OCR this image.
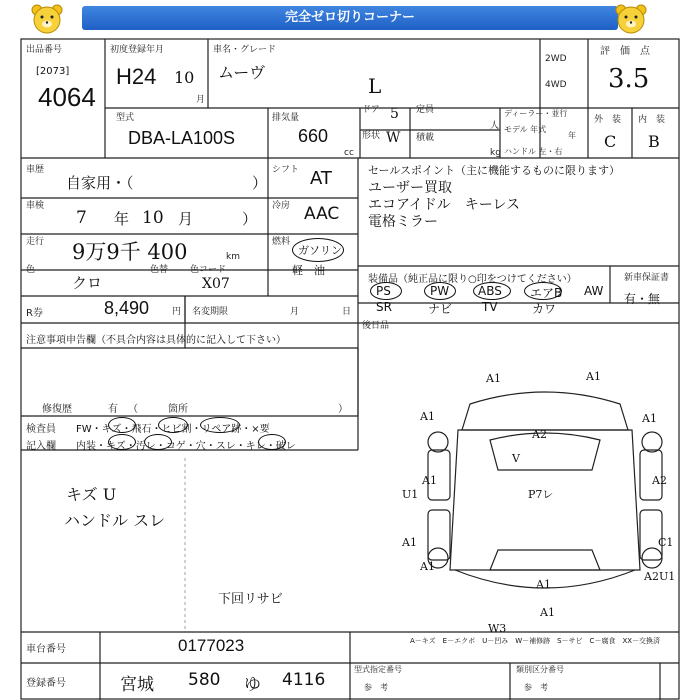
完全ゼロ切りコーナー
出品番号
[2073]
4064
初度登録年月
H24 10
月
車名・グレード
ムーヴ
L
2WD
4WD
評　価　点
3.5
外　装 内　装
C B
型式
DBA-LA100S
排気量
660
cc
ドア 5
形状 W
定員
人
積載
kg
ディーラー・並行
モデル 年式
年
ハンドル 左・右
車歴
自家用・（	）
車検
7 年 10 月	）
走行 9万9千 400	km
色
クロ
色替 色コード
X07
R券	8,490	円 名変期限	月	日
シフト AT
冷房 AAC
燃料
ガソリン
軽　油
セールスポイント（主に機能するものに限ります）
ユーザー買取
エコアイドル　キーレス
電格ミラー
装備品（純正品に限り○印をつけてください）	新車保証書
有・無
PS	PW ABS エアB AW
SR	ナビ TV	カワ
後日品
注意事項申告欄（不具合内容は具体的に記入して下さい）
修復歴	有 （　　　箇所	）
検査員
記入欄
FW・キズ・飛石・ヒビ割・リペア跡・×要
内装・キズ・汚レ・コゲ・穴・スレ・キレ・破レ
キズ U
ハンドル スレ
下回リサビ
A1	A1
A1	A1
A2
V
A1
U1	P7レ
A2
A1	C1
A2U1
A1
A1
W3
A1
A－キズ　E－エクボ　U－凹み　W－補修跡　S－サビ　C－腐食　XX－交換済
車台番号	0177023
登録番号	宮城 580 ゆ 4116
型式指定番号
参　考
類別区分番号
参　考
